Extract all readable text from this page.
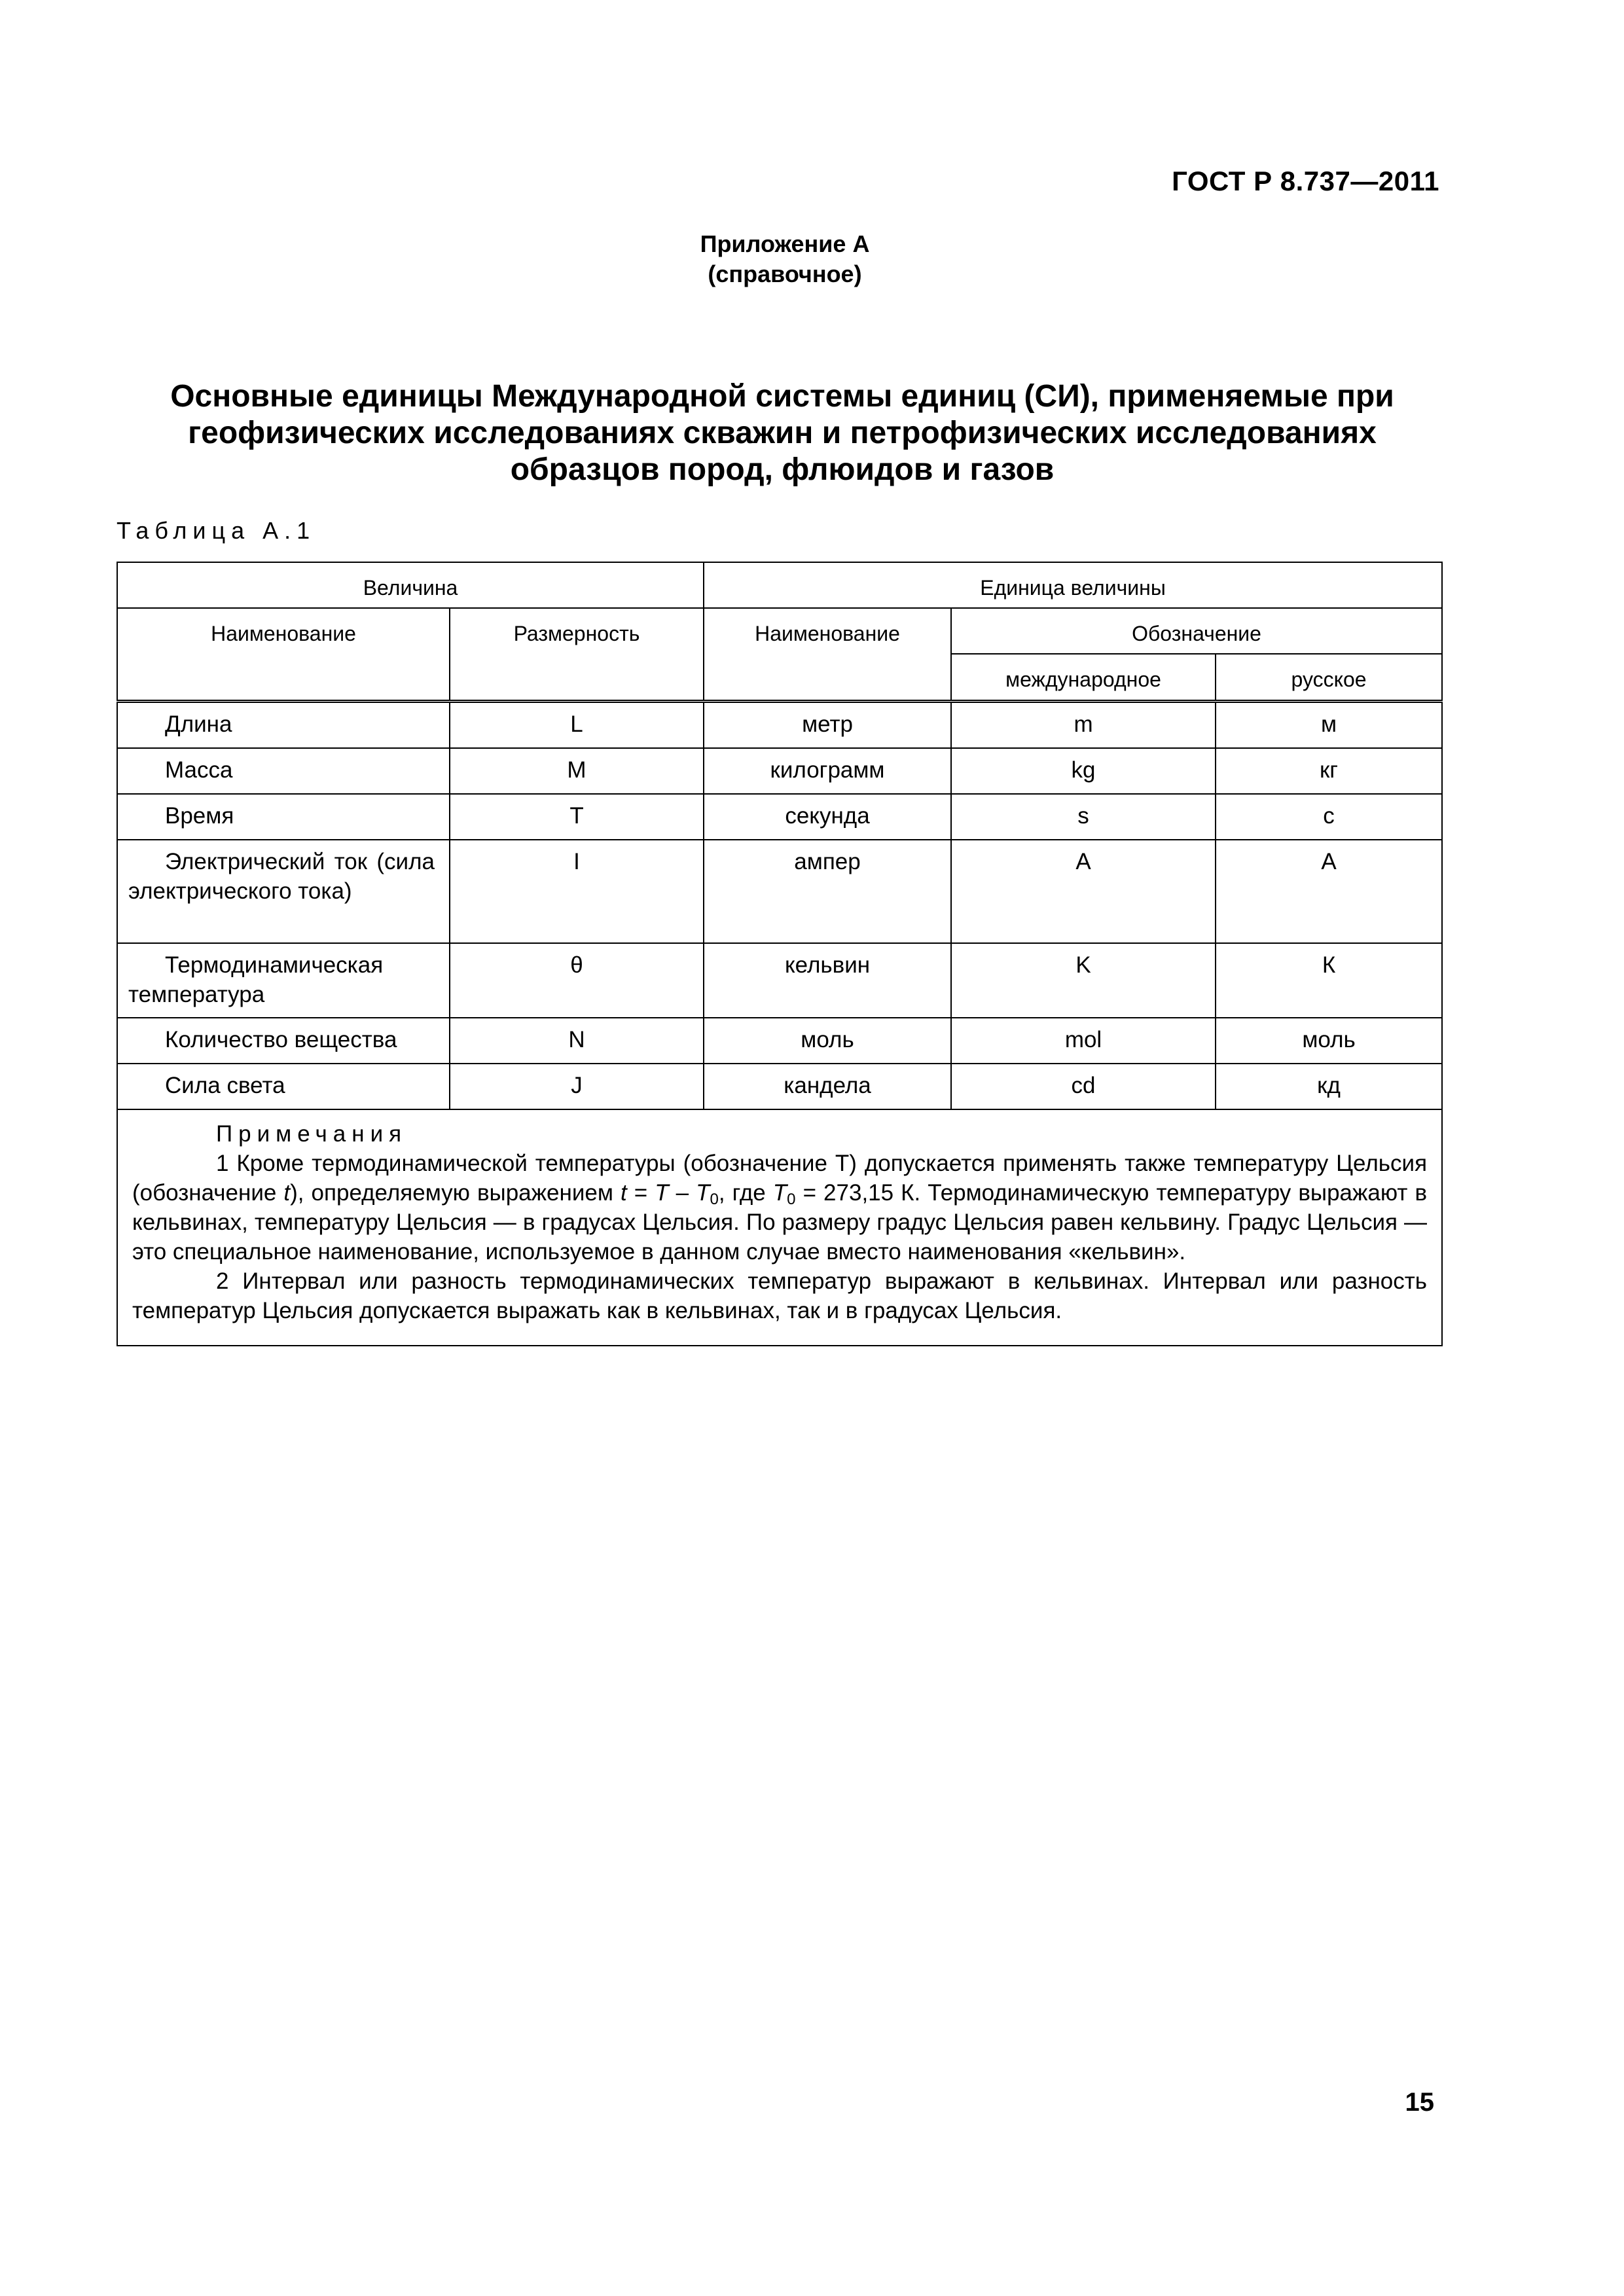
ГОСТ Р 8.737—2011
Приложение А
(справочное)
Основные единицы Международной системы единиц (СИ), применяемые при
геофизических исследованиях скважин и петрофизических исследованиях
образцов пород, флюидов и газов
Таблица А.1
Величина		Единица величины		
Наименование	Размерность	Наименование	Обозначение	
			международное	русское
Длина	L	метр	m	м
Масса	M	килограмм	kg	кг
Время	T	секунда	s	с
Электрический ток (сила электрического тока)	I	ампер	A	А
Термодинамическая температура	θ	кельвин	K	К
Количество вещества	N	моль	mol	моль
Сила света	J	кандела	cd	кд

Примечания

1 Кроме термодинамической температуры (обозначение T) допускается применять также температуру Цельсия (обозначение t), определяемую выражением $t = T - T_0$, где $T_0 = 273,15$ К. Термодинамическую температуру выражают в кельвинах, температуру Цельсия — в градусах Цельсия. По размеру градус Цельсия равен кельвину. Градус Цельсия — это специальное наименование, используемое в данном случае вместо наименования «кельвин».

2 Интервал или разность термодинамических температур выражают в кельвинах. Интервал или разность температур Цельсия допускается выражать как в кельвинах, так и в градусах Цельсия.				

15
